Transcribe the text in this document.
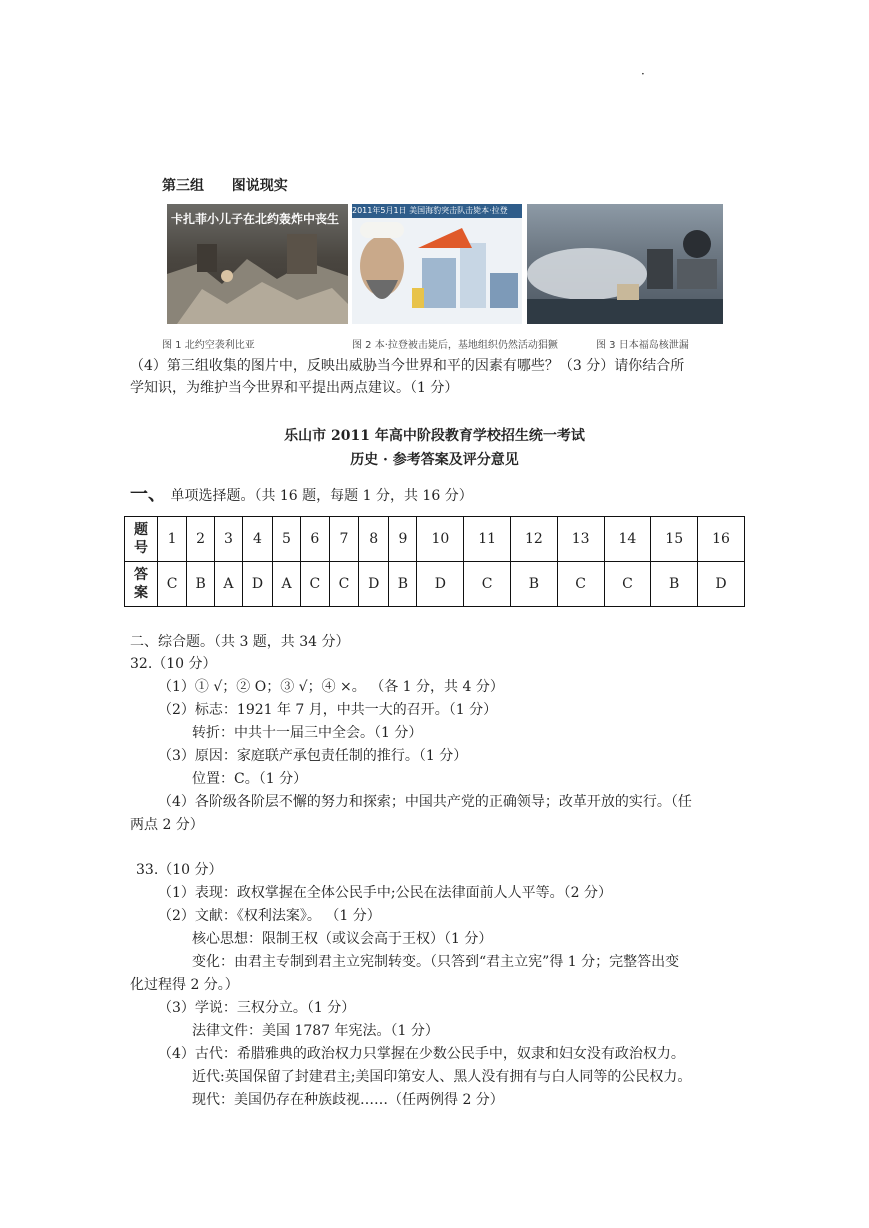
·
第三组 图说现实
卡扎菲小儿子在北约轰炸中丧生
2011年5月1日 美国海豹突击队击毙本·拉登
图 1 北约空袭利比亚	图 2 本·拉登被击毙后，基地组织仍然活动猖獗	图 3 日本福岛核泄漏
（4）第三组收集的图片中，反映出威胁当今世界和平的因素有哪些？（3 分）请你结合所
学知识，为维护当今世界和平提出两点建议。（1 分）
乐山市 2011 年高中阶段教育学校招生统一考试
历史 · 参考答案及评分意见
一、 单项选择题。（共 16 题，每题 1 分，共 16 分）
题号	1	2	3	4	5	6	7	8	9	10	11	12	13	14	15	16
答案	C	B	A	D	A	C	C	D	B	D	C	B	C	C	B	D
二、综合题。（共 3 题，共 34 分）
32.（10 分）
（1）① √；② O；③ √；④ ×。 （各 1 分，共 4 分）
（2）标志：1921 年 7 月，中共一大的召开。（1 分）
转折：中共十一届三中全会。（1 分）
（3）原因：家庭联产承包责任制的推行。（1 分）
位置：C。（1 分）
（4）各阶级各阶层不懈的努力和探索；中国共产党的正确领导；改革开放的实行。（任
两点 2 分）
33.（10 分）
（1）表现：政权掌握在全体公民手中;公民在法律面前人人平等。（2 分）
（2）文献：《权利法案》。 （1 分）
核心思想：限制王权（或议会高于王权）（1 分）
变化：由君主专制到君主立宪制转变。（只答到“君主立宪”得 1 分；完整答出变
化过程得 2 分。）
（3）学说：三权分立。（1 分）
法律文件：美国 1787 年宪法。（1 分）
（4）古代：希腊雅典的政治权力只掌握在少数公民手中，奴隶和妇女没有政治权力。
近代:英国保留了封建君主;美国印第安人、黑人没有拥有与白人同等的公民权力。
现代：美国仍存在种族歧视……（任两例得 2 分）
